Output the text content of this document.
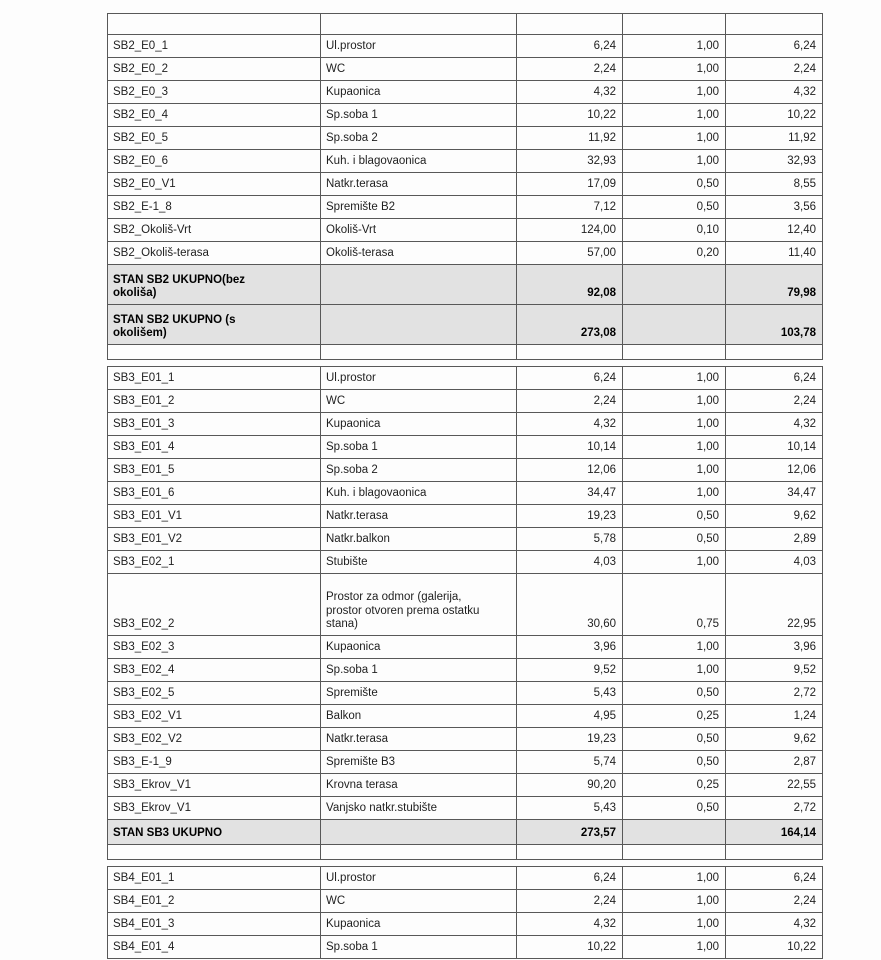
SB2_E0_1	Ul.prostor	6,24	1,00	6,24
SB2_E0_2	WC	2,24	1,00	2,24
SB2_E0_3	Kupaonica	4,32	1,00	4,32
SB2_E0_4	Sp.soba 1	10,22	1,00	10,22
SB2_E0_5	Sp.soba 2	11,92	1,00	11,92
SB2_E0_6	Kuh. i blagovaonica	32,93	1,00	32,93
SB2_E0_V1	Natkr.terasa	17,09	0,50	8,55
SB2_E-1_8	Spremište B2	7,12	0,50	3,56
SB2_Okoliš-Vrt	Okoliš-Vrt	124,00	0,10	12,40
SB2_Okoliš-terasa	Okoliš-terasa	57,00	0,20	11,40

STAN SB2 UKUPNO(bez okoliša)		92,08		79,98

STAN SB2 UKUPNO (s okolišem)		273,08		103,78

SB3_E01_1	Ul.prostor	6,24	1,00	6,24
SB3_E01_2	WC	2,24	1,00	2,24
SB3_E01_3	Kupaonica	4,32	1,00	4,32
SB3_E01_4	Sp.soba 1	10,14	1,00	10,14
SB3_E01_5	Sp.soba 2	12,06	1,00	12,06
SB3_E01_6	Kuh. i blagovaonica	34,47	1,00	34,47
SB3_E01_V1	Natkr.terasa	19,23	0,50	9,62
SB3_E01_V2	Natkr.balkon	5,78	0,50	2,89
SB3_E02_1	Stubište	4,03	1,00	4,03
SB3_E02_2	Prostor za odmor (galerija, prostor otvoren prema ostatku stana)	30,60	0,75	22,95
SB3_E02_3	Kupaonica	3,96	1,00	3,96
SB3_E02_4	Sp.soba 1	9,52	1,00	9,52
SB3_E02_5	Spremište	5,43	0,50	2,72
SB3_E02_V1	Balkon	4,95	0,25	1,24
SB3_E02_V2	Natkr.terasa	19,23	0,50	9,62
SB3_E-1_9	Spremište B3	5,74	0,50	2,87
SB3_Ekrov_V1	Krovna terasa	90,20	0,25	22,55
SB3_Ekrov_V1	Vanjsko natkr.stubište	5,43	0,50	2,72

STAN SB3 UKUPNO		273,57		164,14

SB4_E01_1	Ul.prostor	6,24	1,00	6,24
SB4_E01_2	WC	2,24	1,00	2,24
SB4_E01_3	Kupaonica	4,32	1,00	4,32
SB4_E01_4	Sp.soba 1	10,22	1,00	10,22
